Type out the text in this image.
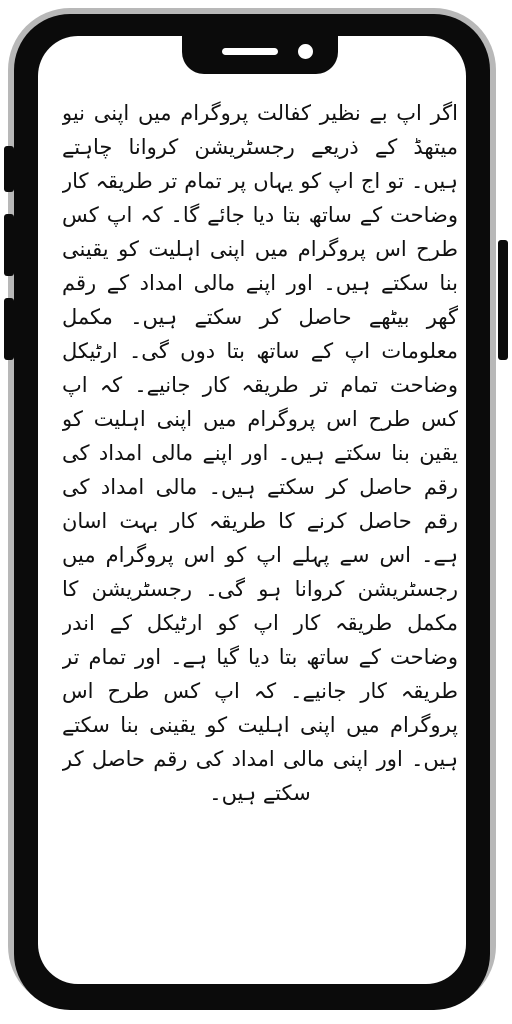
اگر اپ بے نظیر کفالت پروگرام میں اپنی نیو میتھڈ کے ذریعے رجسٹریشن کروانا چاہتے ہیں۔ تو اج اپ کو یہاں پر تمام تر طریقہ کار وضاحت کے ساتھ بتا دیا جائے گا۔ کہ اپ کس طرح اس پروگرام میں اپنی اہلیت کو یقینی بنا سکتے ہیں۔ اور اپنے مالی امداد کے رقم گھر بیٹھے حاصل کر سکتے ہیں۔ مکمل معلومات اپ کے ساتھ بتا دوں گی۔ ارٹیکل وضاحت تمام تر طریقہ کار جانیے۔ کہ اپ کس طرح اس پروگرام میں اپنی اہلیت کو یقین بنا سکتے ہیں۔ اور اپنے مالی امداد کی رقم حاصل کر سکتے ہیں۔ مالی امداد کی رقم حاصل کرنے کا طریقہ کار بہت اسان ہے۔ اس سے پہلے اپ کو اس پروگرام میں رجسٹریشن کروانا ہو گی۔ رجسٹریشن کا مکمل طریقہ کار اپ کو ارٹیکل کے اندر وضاحت کے ساتھ بتا دیا گیا ہے۔ اور تمام تر طریقہ کار جانیے۔ کہ اپ کس طرح اس پروگرام میں اپنی اہلیت کو یقینی بنا سکتے ہیں۔ اور اپنی مالی امداد کی رقم حاصل کر سکتے ہیں۔
